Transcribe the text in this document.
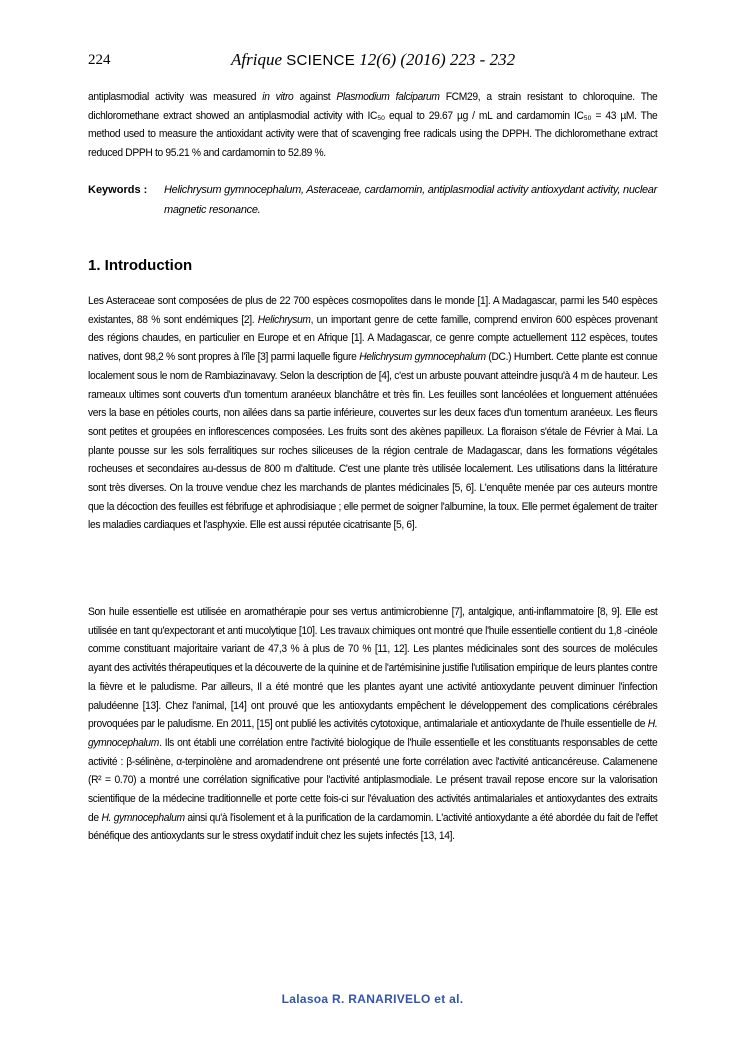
224	Afrique SCIENCE 12(6) (2016) 223 - 232
antiplasmodial activity was measured in vitro against Plasmodium falciparum FCM29, a strain resistant to chloroquine. The dichloromethane extract showed an antiplasmodial activity with IC₅₀ equal to 29.67 µg / mL and cardamomin IC₅₀ = 43 µM. The method used to measure the antioxidant activity were that of scavenging free radicals using the DPPH. The dichloromethane extract reduced DPPH to 95.21 % and cardamomin to 52.89 %.
Keywords : Helichrysum gymnocephalum, Asteraceae, cardamomin, antiplasmodial activity antioxydant activity, nuclear magnetic resonance.
1. Introduction
Les Asteraceae sont composées de plus de 22 700 espèces cosmopolites dans le monde [1]. A Madagascar, parmi les 540 espèces existantes, 88 % sont endémiques [2]. Helichrysum, un important genre de cette famille, comprend environ 600 espèces provenant des régions chaudes, en particulier en Europe et en Afrique [1]. A Madagascar, ce genre compte actuellement 112 espèces, toutes natives, dont 98,2 % sont propres à l'île [3] parmi laquelle figure Helichrysum gymnocephalum (DC.) Humbert. Cette plante est connue localement sous le nom de Rambiazinavavy. Selon la description de [4], c'est un arbuste pouvant atteindre jusqu'à 4 m de hauteur. Les rameaux ultimes sont couverts d'un tomentum aranéeux blanchâtre et très fin. Les feuilles sont lancéolées et longuement atténuées vers la base en pétioles courts, non ailées dans sa partie inférieure, couvertes sur les deux faces d'un tomentum aranéeux. Les fleurs sont petites et groupées en inflorescences composées. Les fruits sont des akènes papilleux. La floraison s'étale de Février à Mai. La plante pousse sur les sols ferralitiques sur roches siliceuses de la région centrale de Madagascar, dans les formations végétales rocheuses et secondaires au-dessus de 800 m d'altitude. C'est une plante très utilisée localement. Les utilisations dans la littérature sont très diverses. On la trouve vendue chez les marchands de plantes médicinales [5, 6]. L'enquête menée par ces auteurs montre que la décoction des feuilles est fébrifuge et aphrodisiaque ; elle permet de soigner l'albumine, la toux. Elle permet également de traiter les maladies cardiaques et l'asphyxie. Elle est aussi réputée cicatrisante [5, 6].
Son huile essentielle est utilisée en aromathérapie pour ses vertus antimicrobienne [7], antalgique, anti-inflammatoire [8, 9]. Elle est utilisée en tant qu'expectorant et anti mucolytique [10]. Les travaux chimiques ont montré que l'huile essentielle contient du 1,8 -cinéole comme constituant majoritaire variant de 47,3 % à plus de 70 % [11, 12]. Les plantes médicinales sont des sources de molécules ayant des activités thérapeutiques et la découverte de la quinine et de l'artémisinine justifie l'utilisation empirique de leurs plantes contre la fièvre et le paludisme. Par ailleurs, Il a été montré que les plantes ayant une activité antioxydante peuvent diminuer l'infection paludéenne [13]. Chez l'animal, [14] ont prouvé que les antioxydants empêchent le développement des complications cérébrales provoquées par le paludisme. En 2011, [15] ont publié les activités cytotoxique, antimalariale et antioxydante de l'huile essentielle de H. gymnocephalum. Ils ont établi une corrélation entre l'activité biologique de l'huile essentielle et les constituants responsables de cette activité : β-sélinène, α-terpinolène and aromadendrene ont présenté une forte corrélation avec l'activité anticancéreuse. Calamenene (R² = 0.70) a montré une corrélation significative pour l'activité antiplasmodiale. Le présent travail repose encore sur la valorisation scientifique de la médecine traditionnelle et porte cette fois-ci sur l'évaluation des activités antimalariales et antioxydantes des extraits de H. gymnocephalum ainsi qu'à l'isolement et à la purification de la cardamomin. L'activité antioxydante a été abordée du fait de l'effet bénéfique des antioxydants sur le stress oxydatif induit chez les sujets infectés [13, 14].
Lalasoa R. RANARIVELO et al.
